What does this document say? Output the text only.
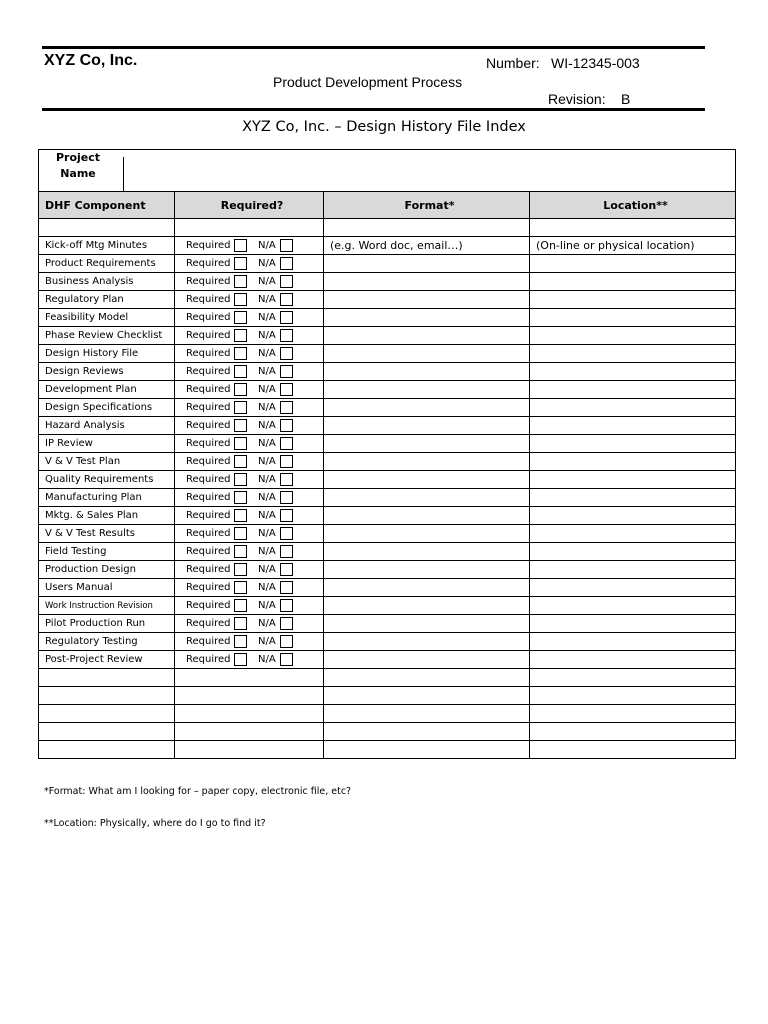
XYZ Co, Inc.	Number: WI-12345-003
Product Development Process
Revision: B
XYZ Co, Inc. – Design History File Index
Project
Name			
DHF Component	Required?	Format*	Location**

Kick-off Mtg Minutes	Required N/A	(e.g. Word doc, email…)	(On-line or physical location)
Product Requirements	Required N/A		

Business Analysis	Required N/A		

Regulatory Plan	Required N/A		

Feasibility Model	Required N/A		

Phase Review Checklist	Required N/A		

Design History File	Required N/A		

Design Reviews	Required N/A		

Development Plan	Required N/A		

Design Specifications	Required N/A		

Hazard Analysis	Required N/A		

IP Review	Required N/A		

V & V Test Plan	Required N/A		

Quality Requirements	Required N/A		

Manufacturing Plan	Required N/A		

Mktg. & Sales Plan	Required N/A		

V & V Test Results	Required N/A		

Field Testing	Required N/A		

Production Design	Required N/A		

Users Manual	Required N/A		

Work Instruction Revision	Required N/A		

Pilot Production Run	Required N/A		

Regulatory Testing	Required N/A		

Post-Project Review	Required N/A		

*Format: What am I looking for – paper copy, electronic file, etc?
**Location: Physically, where do I go to find it?
